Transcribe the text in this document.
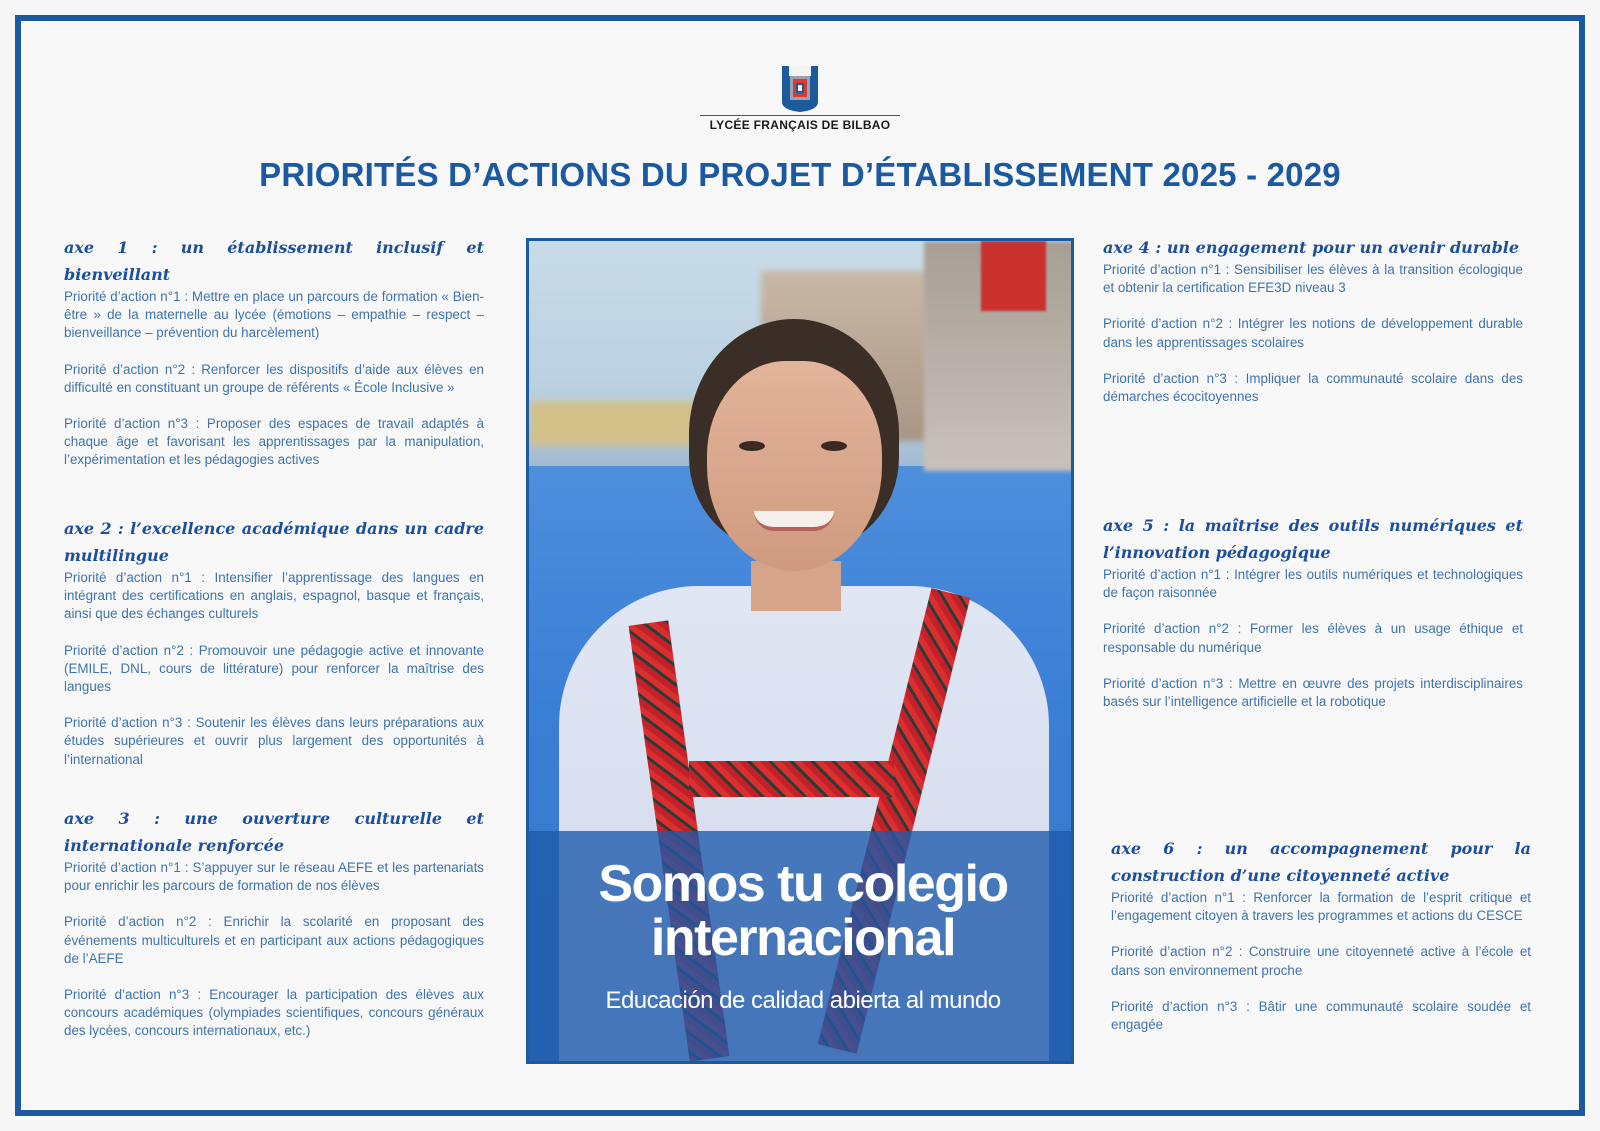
LYCÉE FRANÇAIS DE BILBAO
PRIORITÉS D’ACTIONS DU PROJET D’ÉTABLISSEMENT 2025 - 2029
axe 1 : un établissement inclusif et bienveillant

Priorité d’action n°1 : Mettre en place un parcours de formation « Bien-être » de la maternelle au lycée (émotions – empathie – respect – bienveillance – prévention du harcèlement)

Priorité d’action n°2 : Renforcer les dispositifs d’aide aux élèves en difficulté en constituant un groupe de référents « École Inclusive »

Priorité d’action n°3 : Proposer des espaces de travail adaptés à chaque âge et favorisant les apprentissages par la manipulation, l’expérimentation et les pédagogies actives

axe 2 : l’excellence académique dans un cadre multilingue

Priorité d’action n°1 : Intensifier l’apprentissage des langues en intégrant des certifications en anglais, espagnol, basque et français, ainsi que des échanges culturels

Priorité d’action n°2 : Promouvoir une pédagogie active et innovante (EMILE, DNL, cours de littérature) pour renforcer la maîtrise des langues

Priorité d’action n°3 : Soutenir les élèves dans leurs préparations aux études supérieures et ouvrir plus largement des opportunités à l’international

axe 3 : une ouverture culturelle et internationale renforcée

Priorité d’action n°1 : S’appuyer sur le réseau AEFE et les partenariats pour enrichir les parcours de formation de nos élèves

Priorité d’action n°2 : Enrichir la scolarité en proposant des événements multiculturels et en participant aux actions pédagogiques de l’AEFE

Priorité d’action n°3 : Encourager la participation des élèves aux concours académiques (olympiades scientifiques, concours généraux des lycées, concours internationaux, etc.)

Somos tu colegio internacional
Educación de calidad abierta al mundo
axe 4 : un engagement pour un avenir durable

Priorité d’action n°1 : Sensibiliser les élèves à la transition écologique et obtenir la certification EFE3D niveau 3

Priorité d’action n°2 : Intégrer les notions de développement durable dans les apprentissages scolaires

Priorité d’action n°3 : Impliquer la communauté scolaire dans des démarches écocitoyennes

axe 5 : la maîtrise des outils numériques et l’innovation pédagogique

Priorité d’action n°1 : Intégrer les outils numériques et technologiques de façon raisonnée

Priorité d’action n°2 : Former les élèves à un usage éthique et responsable du numérique

Priorité d’action n°3 : Mettre en œuvre des projets interdisciplinaires basés sur l’intelligence artificielle et la robotique

axe 6 : un accompagnement pour la construction d’une citoyenneté active

Priorité d’action n°1 : Renforcer la formation de l’esprit critique et l’engagement citoyen à travers les programmes et actions du CESCE

Priorité d’action n°2 : Construire une citoyenneté active à l’école et dans son environnement proche

Priorité d’action n°3 : Bâtir une communauté scolaire soudée et engagée
